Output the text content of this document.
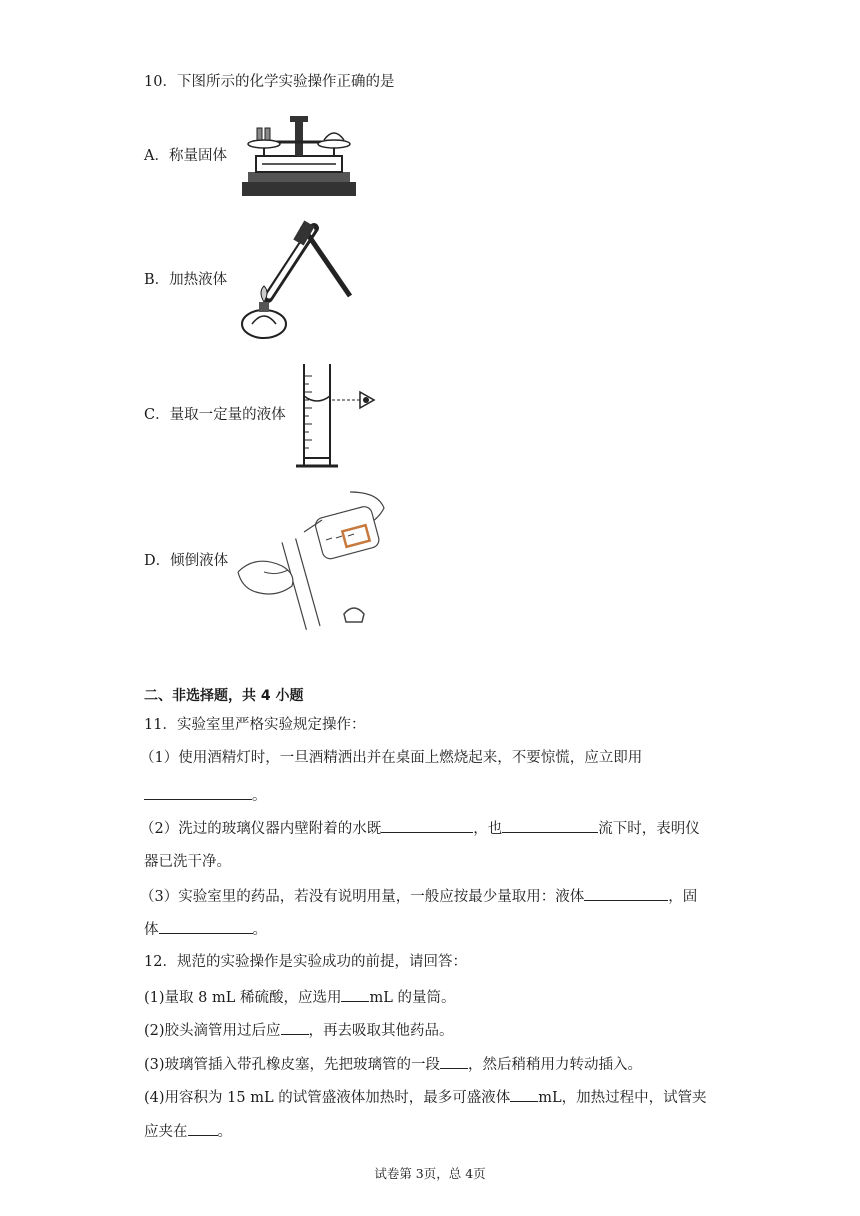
10．下图所示的化学实验操作正确的是
A．称量固体
B．加热液体
C．量取一定量的液体
D．倾倒液体
二、非选择题，共 4 小题
11．实验室里严格实验规定操作：
（1）使用酒精灯时，一旦酒精洒出并在桌面上燃烧起来，不要惊慌，应立即用
。
（2）洗过的玻璃仪器内壁附着的水既	，也	流下时，表明仪
器已洗干净。
（3）实验室里的药品，若没有说明用量，一般应按最少量取用：液体	，固
体	。
12．规范的实验操作是实验成功的前提，请回答：
(1)量取 8 mL 稀硫酸，应选用 mL 的量筒。
(2)胶头滴管用过后应 ，再去吸取其他药品。
(3)玻璃管插入带孔橡皮塞，先把玻璃管的一段 ，然后稍稍用力转动插入。
(4)用容积为 15 mL 的试管盛液体加热时，最多可盛液体 mL，加热过程中，试管夹
应夹在 。
试卷第 3页，总 4页
